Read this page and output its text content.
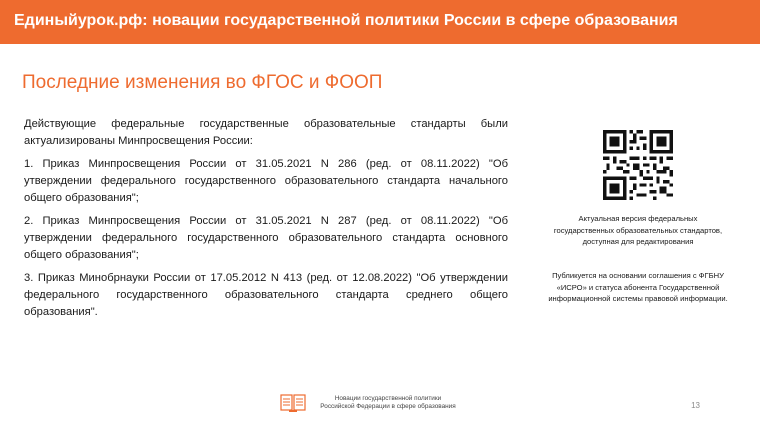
Единыйурок.рф: новации государственной политики России в сфере образования
Последние изменения во ФГОС и ФООП

Действующие федеральные государственные образовательные стандарты были актуализированы Минпросвещения России:

1. Приказ Минпросвещения России от 31.05.2021 N 286 (ред. от 08.11.2022) "Об утверждении федерального государственного образовательного стандарта начального общего образования";

2. Приказ Минпросвещения России от 31.05.2021 N 287 (ред. от 08.11.2022) "Об утверждении федерального государственного образовательного стандарта основного общего образования";

3. Приказ Минобрнауки России от 17.05.2012 N 413 (ред. от 12.08.2022) "Об утверждении федерального государственного образовательного стандарта среднего общего образования".

Актуальная версия федеральных государственных образовательных стандартов, доступная для редактирования
Публикуется на основании соглашения с ФГБНУ «ИСРО» и статуса абонента Государственной информационной системы правовой информации.
Новации государственной политики
Российской Федерации в сфере образования	13
